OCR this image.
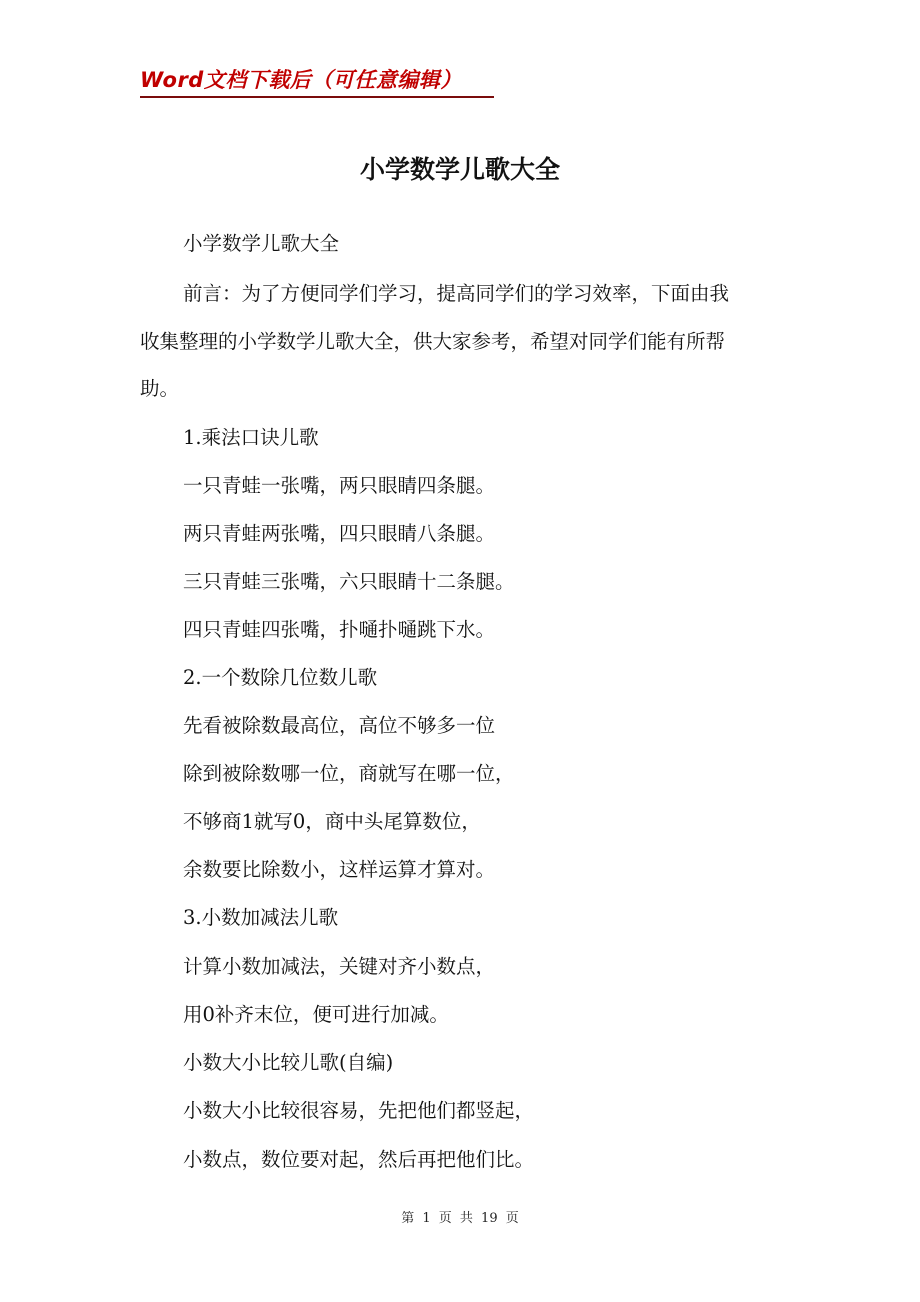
Word文档下载后（可任意编辑）
小学数学儿歌大全
小学数学儿歌大全
前言：为了方便同学们学习，提高同学们的学习效率，下面由我
收集整理的小学数学儿歌大全，供大家参考，希望对同学们能有所帮
助。
1.乘法口诀儿歌
一只青蛙一张嘴，两只眼睛四条腿。
两只青蛙两张嘴，四只眼睛八条腿。
三只青蛙三张嘴，六只眼睛十二条腿。
四只青蛙四张嘴，扑嗵扑嗵跳下水。
2.一个数除几位数儿歌
先看被除数最高位，高位不够多一位
除到被除数哪一位，商就写在哪一位，
不够商1就写0，商中头尾算数位，
余数要比除数小，这样运算才算对。
3.小数加减法儿歌
计算小数加减法，关键对齐小数点，
用0补齐末位，便可进行加减。
小数大小比较儿歌(自编)
小数大小比较很容易，先把他们都竖起，
小数点，数位要对起，然后再把他们比。
第 1 页 共 19 页
